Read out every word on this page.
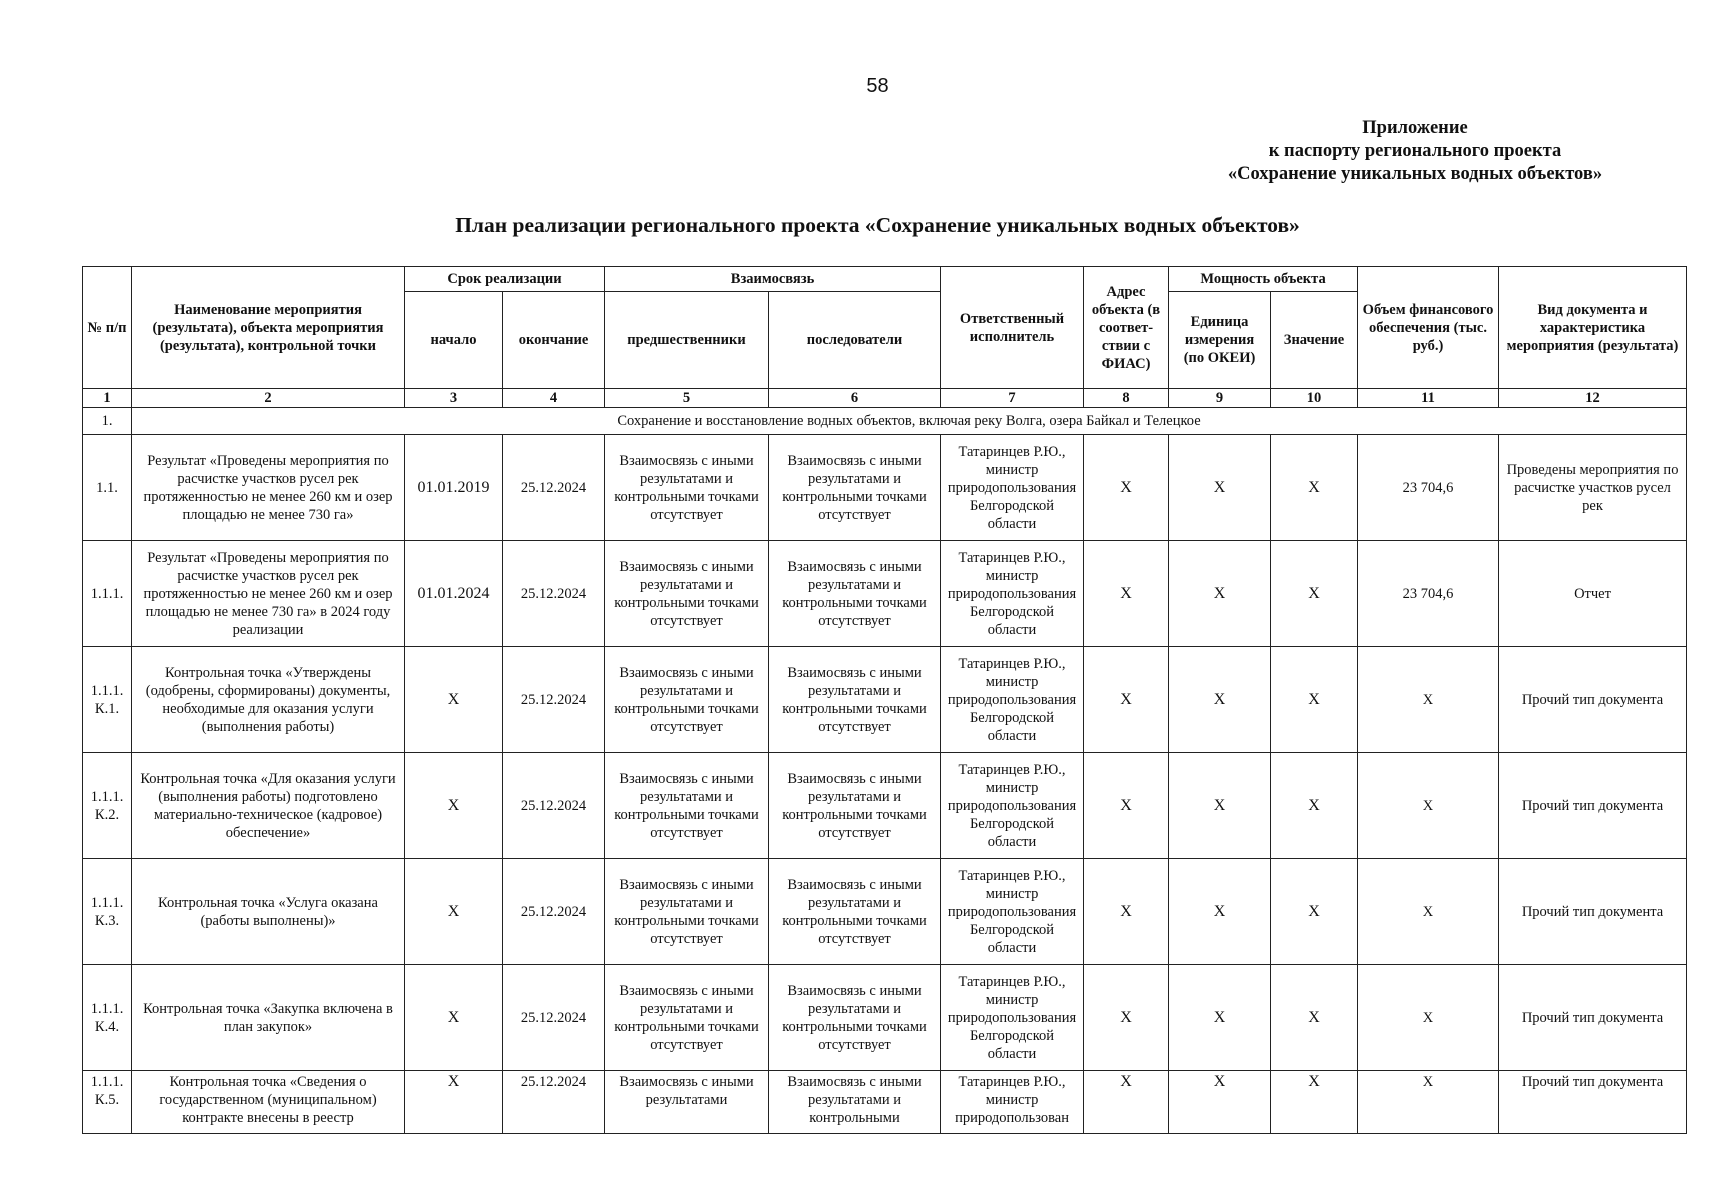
58
Приложение
к паспорту регионального проекта
«Сохранение уникальных водных объектов»
План реализации регионального проекта «Сохранение уникальных водных объектов»
№ п/п	Наименование мероприятия (результата), объекта мероприятия (результата), контрольной точки	Срок реализации		Взаимосвязь		Ответственный исполнитель	Адрес объекта (в соответ- ствии с ФИАС)	Мощность объекта		Объем финансового обеспечения (тыс. руб.)	Вид документа и характеристика мероприятия (результата)
		начало	окончание	предшественники	последователи			Единица измерения (по ОКЕИ)	Значение		
1	2	3	4	5	6	7	8	9	10	11	12
1.	Сохранение и восстановление водных объектов, включая реку Волга, озера Байкал и Телецкое										
1.1.	Результат «Проведены мероприятия по расчистке участков русел рек протяженностью не менее 260 км и озер площадью не менее 730 га»	01.01.2019	25.12.2024	Взаимосвязь с иными результатами и контрольными точками отсутствует	Взаимосвязь с иными результатами и контрольными точками отсутствует	Татаринцев Р.Ю., министр природопользования Белгородской области	X	X	X	23 704,6	Проведены мероприятия по расчистке участков русел рек
1.1.1.	Результат «Проведены мероприятия по расчистке участков русел рек протяженностью не менее 260 км и озер площадью не менее 730 га» в 2024 году реализации	01.01.2024	25.12.2024	Взаимосвязь с иными результатами и контрольными точками отсутствует	Взаимосвязь с иными результатами и контрольными точками отсутствует	Татаринцев Р.Ю., министр природопользования Белгородской области	X	X	X	23 704,6	Отчет
1.1.1. К.1.	Контрольная точка «Утверждены (одобрены, сформированы) документы, необходимые для оказания услуги (выполнения работы)	X	25.12.2024	Взаимосвязь с иными результатами и контрольными точками отсутствует	Взаимосвязь с иными результатами и контрольными точками отсутствует	Татаринцев Р.Ю., министр природопользования Белгородской области	X	X	X	X	Прочий тип документа
1.1.1. К.2.	Контрольная точка «Для оказания услуги (выполнения работы) подготовлено материально-техническое (кадровое) обеспечение»	X	25.12.2024	Взаимосвязь с иными результатами и контрольными точками отсутствует	Взаимосвязь с иными результатами и контрольными точками отсутствует	Татаринцев Р.Ю., министр природопользования Белгородской области	X	X	X	X	Прочий тип документа
1.1.1. К.3.	Контрольная точка «Услуга оказана (работы выполнены)»	X	25.12.2024	Взаимосвязь с иными результатами и контрольными точками отсутствует	Взаимосвязь с иными результатами и контрольными точками отсутствует	Татаринцев Р.Ю., министр природопользования Белгородской области	X	X	X	X	Прочий тип документа
1.1.1. К.4.	Контрольная точка «Закупка включена в план закупок»	X	25.12.2024	Взаимосвязь с иными результатами и контрольными точками отсутствует	Взаимосвязь с иными результатами и контрольными точками отсутствует	Татаринцев Р.Ю., министр природопользования Белгородской области	X	X	X	X	Прочий тип документа
1.1.1. К.5.	Контрольная точка «Сведения о государственном (муниципальном) контракте внесены в реестр	X	25.12.2024	Взаимосвязь с иными результатами	Взаимосвязь с иными результатами и контрольными	Татаринцев Р.Ю., министр природопользован	X	X	X	X	Прочий тип документа
